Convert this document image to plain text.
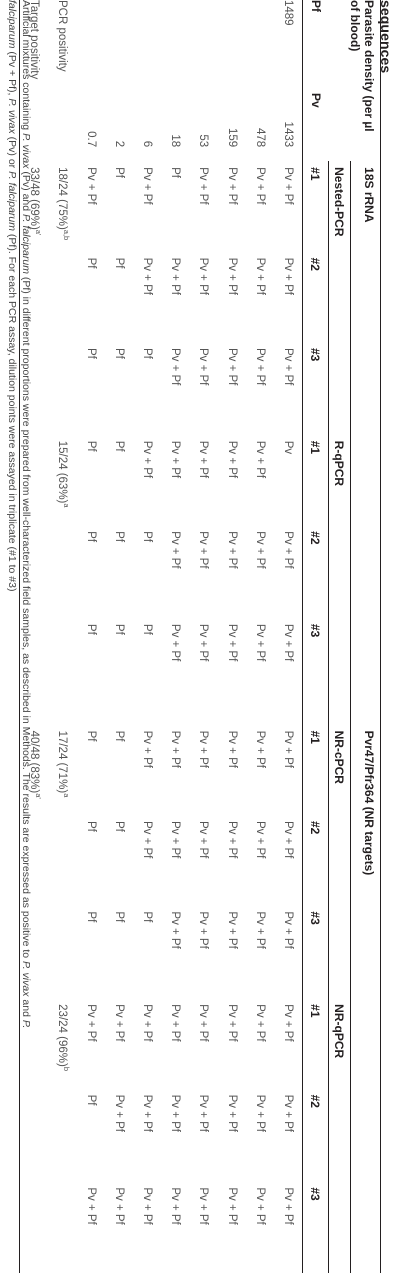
sequences
Parasite density (per µl
of blood)		18S rRNA						Pvr47/Pfr364 (NR targets)					
		Nested-PCR			R-qPCR			NR-cPCR			NR-qPCR		
Pf	Pv	#1	#2	#3	#1	#2	#3	#1	#2	#3	#1	#2	#3
1489	1433	Pv + Pf	Pv + Pf	Pv + Pf	Pv	Pv + Pf	Pv + Pf	Pv + Pf	Pv + Pf	Pv + Pf	Pv + Pf	Pv + Pf	Pv + Pf
	478	Pv + Pf	Pv + Pf	Pv + Pf	Pv + Pf	Pv + Pf	Pv + Pf	Pv + Pf	Pv + Pf	Pv + Pf	Pv + Pf	Pv + Pf	Pv + Pf
	159	Pv + Pf	Pv + Pf	Pv + Pf	Pv + Pf	Pv + Pf	Pv + Pf	Pv + Pf	Pv + Pf	Pv + Pf	Pv + Pf	Pv + Pf	Pv + Pf
	53	Pv + Pf	Pv + Pf	Pv + Pf	Pv + Pf	Pv + Pf	Pv + Pf	Pv + Pf	Pv + Pf	Pv + Pf	Pv + Pf	Pv + Pf	Pv + Pf
	18	Pf	Pv + Pf	Pv + Pf	Pv + Pf	Pv + Pf	Pv + Pf	Pv + Pf	Pv + Pf	Pv + Pf	Pv + Pf	Pv + Pf	Pv + Pf
	6	Pv + Pf	Pv + Pf	Pf	Pv + Pf	Pf	Pf	Pv + Pf	Pv + Pf	Pf	Pv + Pf	Pv + Pf	Pv + Pf
	2	Pf	Pf	Pf	Pf	Pf	Pf	Pf	Pf	Pf	Pv + Pf	Pv + Pf	Pv + Pf
	0.7	Pv + Pf	Pf	Pf	Pf	Pf	Pf	Pf	Pf	Pf	Pv + Pf	Pf	Pv + Pf
PCR positivity		18/24 $(75\%)^{a,b}$			15/24 $(63\%)^a$			17/24 $(71\%)^a$			23/24 $(96\%)^b$
Target positivity		33/48 $(69\%)^{a'}$						40/48 $(83\%)^{a'}$
Artificial mixtures containing P. vivax (Pv) and P. falciparum (Pf) in different proportions were prepared from well-characterized field samples, as described in Methods. The results are expressed as positive to P. vivax and P.
falciparum (Pv + Pf), P. vivax (Pv) or P. falciparum (Pf). For each PCR assay, dilution points were assayed in triplicate (#1 to #3)
